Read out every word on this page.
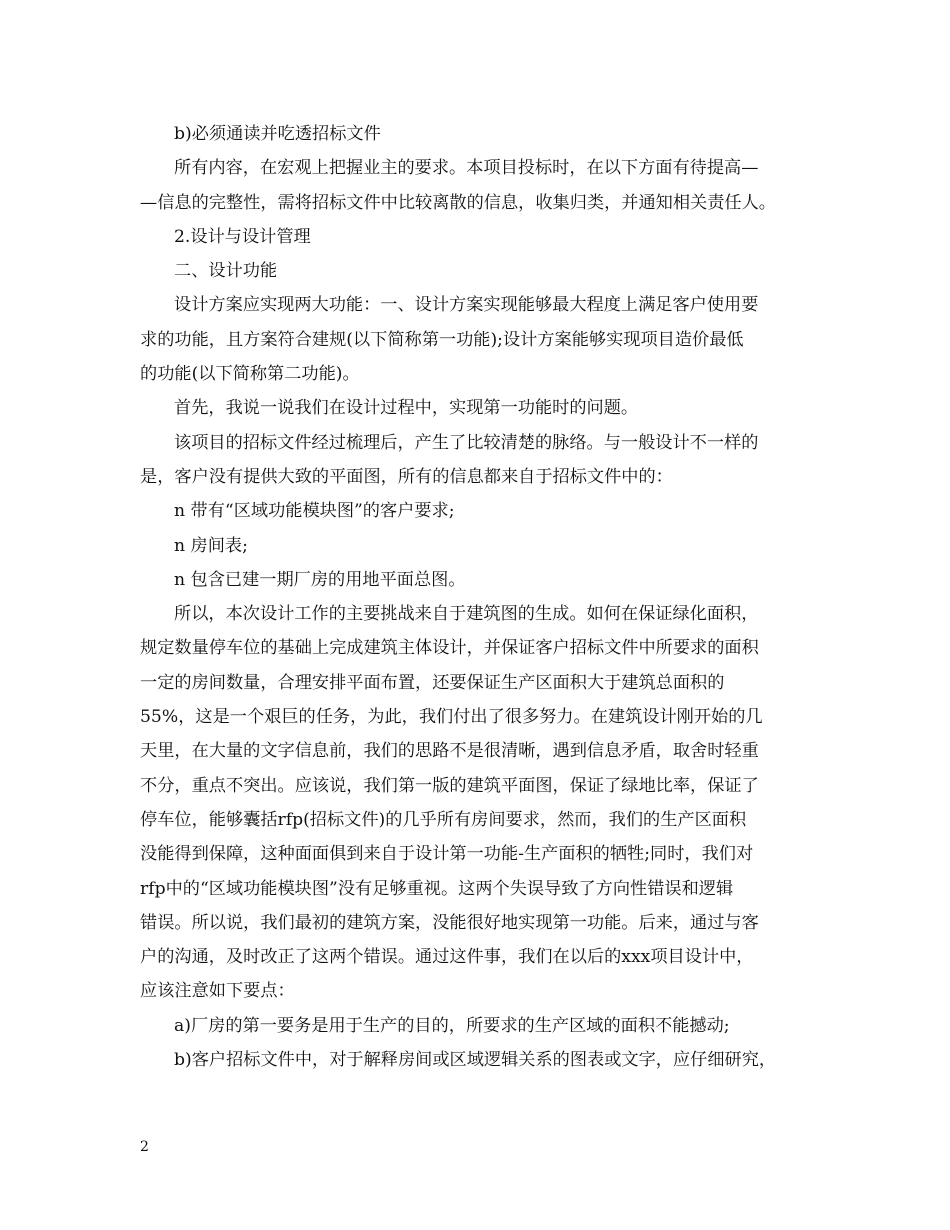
b)必须通读并吃透招标文件
所有内容，在宏观上把握业主的要求。本项目投标时，在以下方面有待提高—
—信息的完整性，需将招标文件中比较离散的信息，收集归类，并通知相关责任人。
2.设计与设计管理
二、设计功能
设计方案应实现两大功能：一、设计方案实现能够最大程度上满足客户使用要
求的功能，且方案符合建规(以下简称第一功能);设计方案能够实现项目造价最低
的功能(以下简称第二功能)。
首先，我说一说我们在设计过程中，实现第一功能时的问题。
该项目的招标文件经过梳理后，产生了比较清楚的脉络。与一般设计不一样的
是，客户没有提供大致的平面图，所有的信息都来自于招标文件中的：
n 带有“区域功能模块图”的客户要求;
n 房间表;
n 包含已建一期厂房的用地平面总图。
所以，本次设计工作的主要挑战来自于建筑图的生成。如何在保证绿化面积，
规定数量停车位的基础上完成建筑主体设计，并保证客户招标文件中所要求的面积
一定的房间数量，合理安排平面布置，还要保证生产区面积大于建筑总面积的
55%，这是一个艰巨的任务，为此，我们付出了很多努力。在建筑设计刚开始的几
天里，在大量的文字信息前，我们的思路不是很清晰，遇到信息矛盾，取舍时轻重
不分，重点不突出。应该说，我们第一版的建筑平面图，保证了绿地比率，保证了
停车位，能够囊括rfp(招标文件)的几乎所有房间要求，然而，我们的生产区面积
没能得到保障，这种面面俱到来自于设计第一功能-生产面积的牺牲;同时，我们对
rfp中的“区域功能模块图”没有足够重视。这两个失误导致了方向性错误和逻辑
错误。所以说，我们最初的建筑方案，没能很好地实现第一功能。后来，通过与客
户的沟通，及时改正了这两个错误。通过这件事，我们在以后的xxx项目设计中，
应该注意如下要点：
a)厂房的第一要务是用于生产的目的，所要求的生产区域的面积不能撼动;
b)客户招标文件中，对于解释房间或区域逻辑关系的图表或文字，应仔细研究，
2
